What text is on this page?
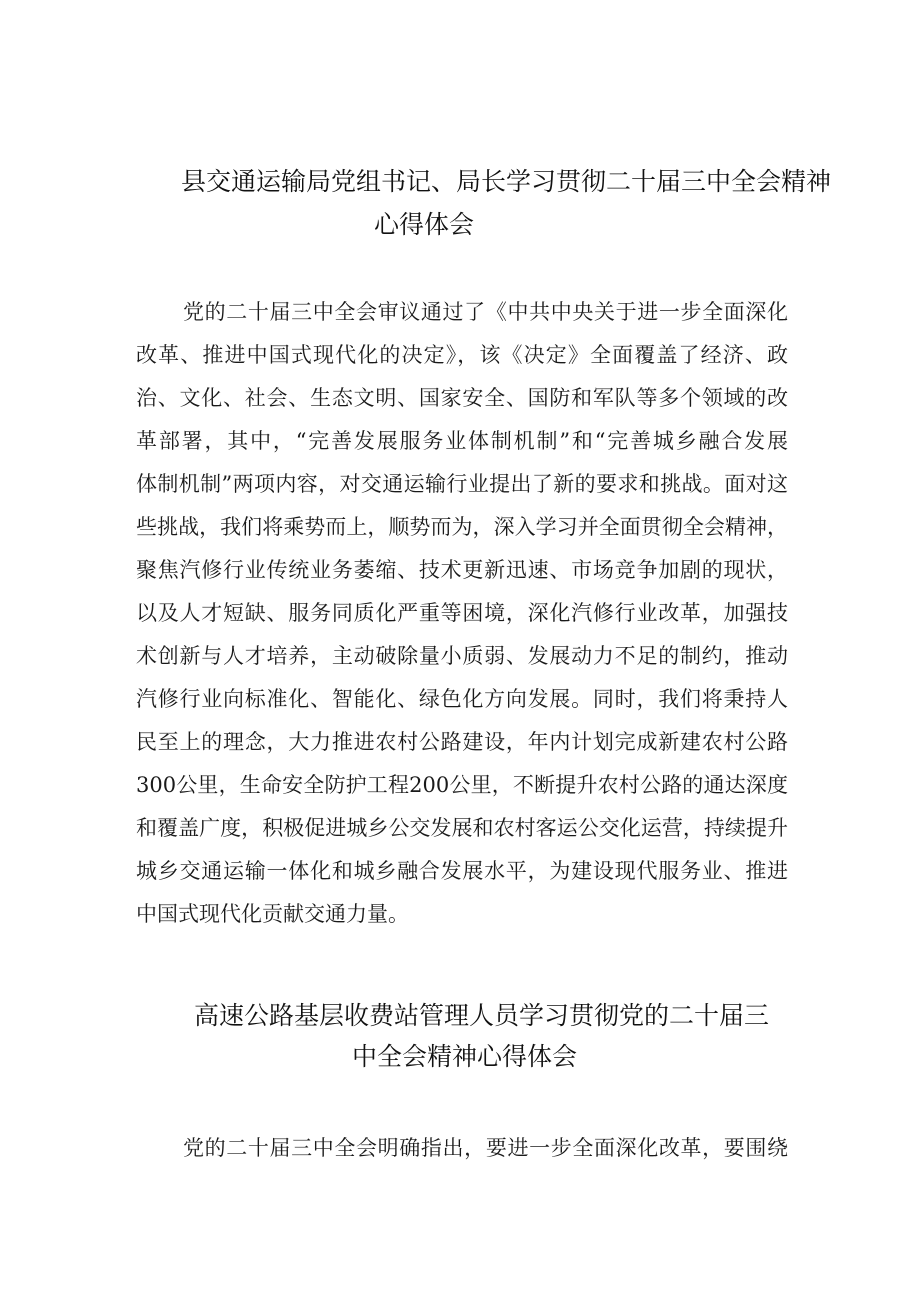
县交通运输局党组书记、局长学习贯彻二十届三中全会精神
心得体会

党的二十届三中全会审议通过了《中共中央关于进一步全面深化

改革、推进中国式现代化的决定》，该《决定》全面覆盖了经济、政

治、文化、社会、生态文明、国家安全、国防和军队等多个领域的改

革部署，其中，“完善发展服务业体制机制”和“完善城乡融合发展

体制机制”两项内容，对交通运输行业提出了新的要求和挑战。面对这

些挑战，我们将乘势而上，顺势而为，深入学习并全面贯彻全会精神，

聚焦汽修行业传统业务萎缩、技术更新迅速、市场竞争加剧的现状，

以及人才短缺、服务同质化严重等困境，深化汽修行业改革，加强技

术创新与人才培养，主动破除量小质弱、发展动力不足的制约，推动

汽修行业向标准化、智能化、绿色化方向发展。同时，我们将秉持人

民至上的理念，大力推进农村公路建设，年内计划完成新建农村公路

300公里，生命安全防护工程200公里，不断提升农村公路的通达深度

和覆盖广度，积极促进城乡公交发展和农村客运公交化运营，持续提升

城乡交通运输一体化和城乡融合发展水平，为建设现代服务业、推进

中国式现代化贡献交通力量。

高速公路基层收费站管理人员学习贯彻党的二十届三
中全会精神心得体会

党的二十届三中全会明确指出，要进一步全面深化改革，要围绕
